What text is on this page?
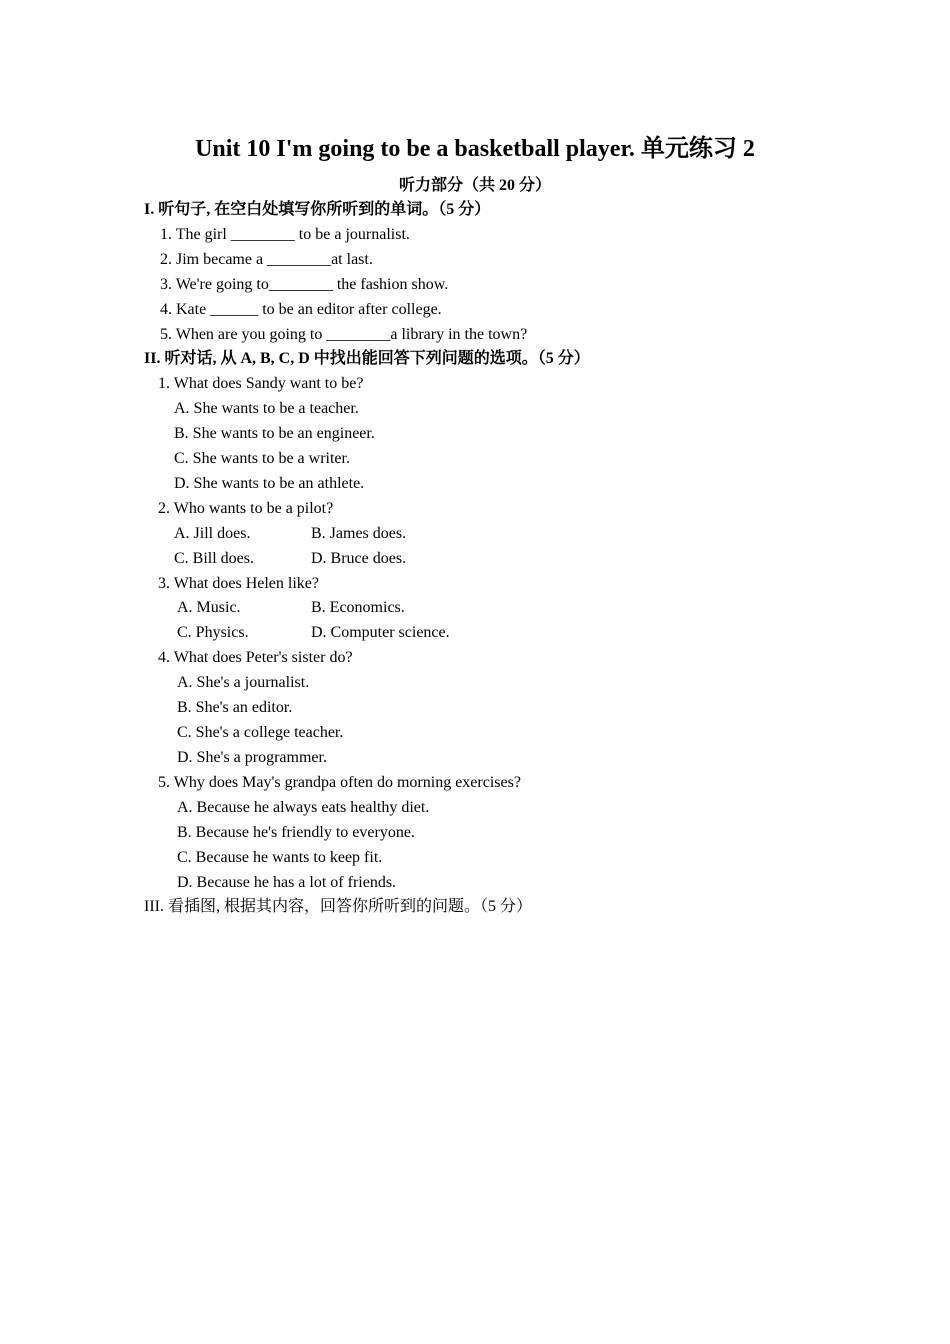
Unit 10 I'm going to be a basketball player. 单元练习 2
听力部分（共 20 分）
I. 听句子, 在空白处填写你所听到的单词。（5 分）
1. The girl ________ to be a journalist.
2. Jim became a ________at last.
3. We're going to________ the fashion show.
4. Kate ______ to be an editor after college.
5. When are you going to ________a library in the town?
II. 听对话, 从 A, B, C, D 中找出能回答下列问题的选项。（5 分）
1. What does Sandy want to be?
A. She wants to be a teacher.
B. She wants to be an engineer.
C. She wants to be a writer.
D. She wants to be an athlete.
2. Who wants to be a pilot?
A. Jill does.	B. James does.
C. Bill does.	D. Bruce does.
3. What does Helen like?
A. Music.	B. Economics.
C. Physics.	D. Computer science.
4. What does Peter's sister do?
A. She's a journalist.
B. She's an editor.
C. She's a college teacher.
D. She's a programmer.
5. Why does May's grandpa often do morning exercises?
A. Because he always eats healthy diet.
B. Because he's friendly to everyone.
C. Because he wants to keep fit.
D. Because he has a lot of friends.
III. 看插图, 根据其内容，回答你所听到的问题。（5 分）
